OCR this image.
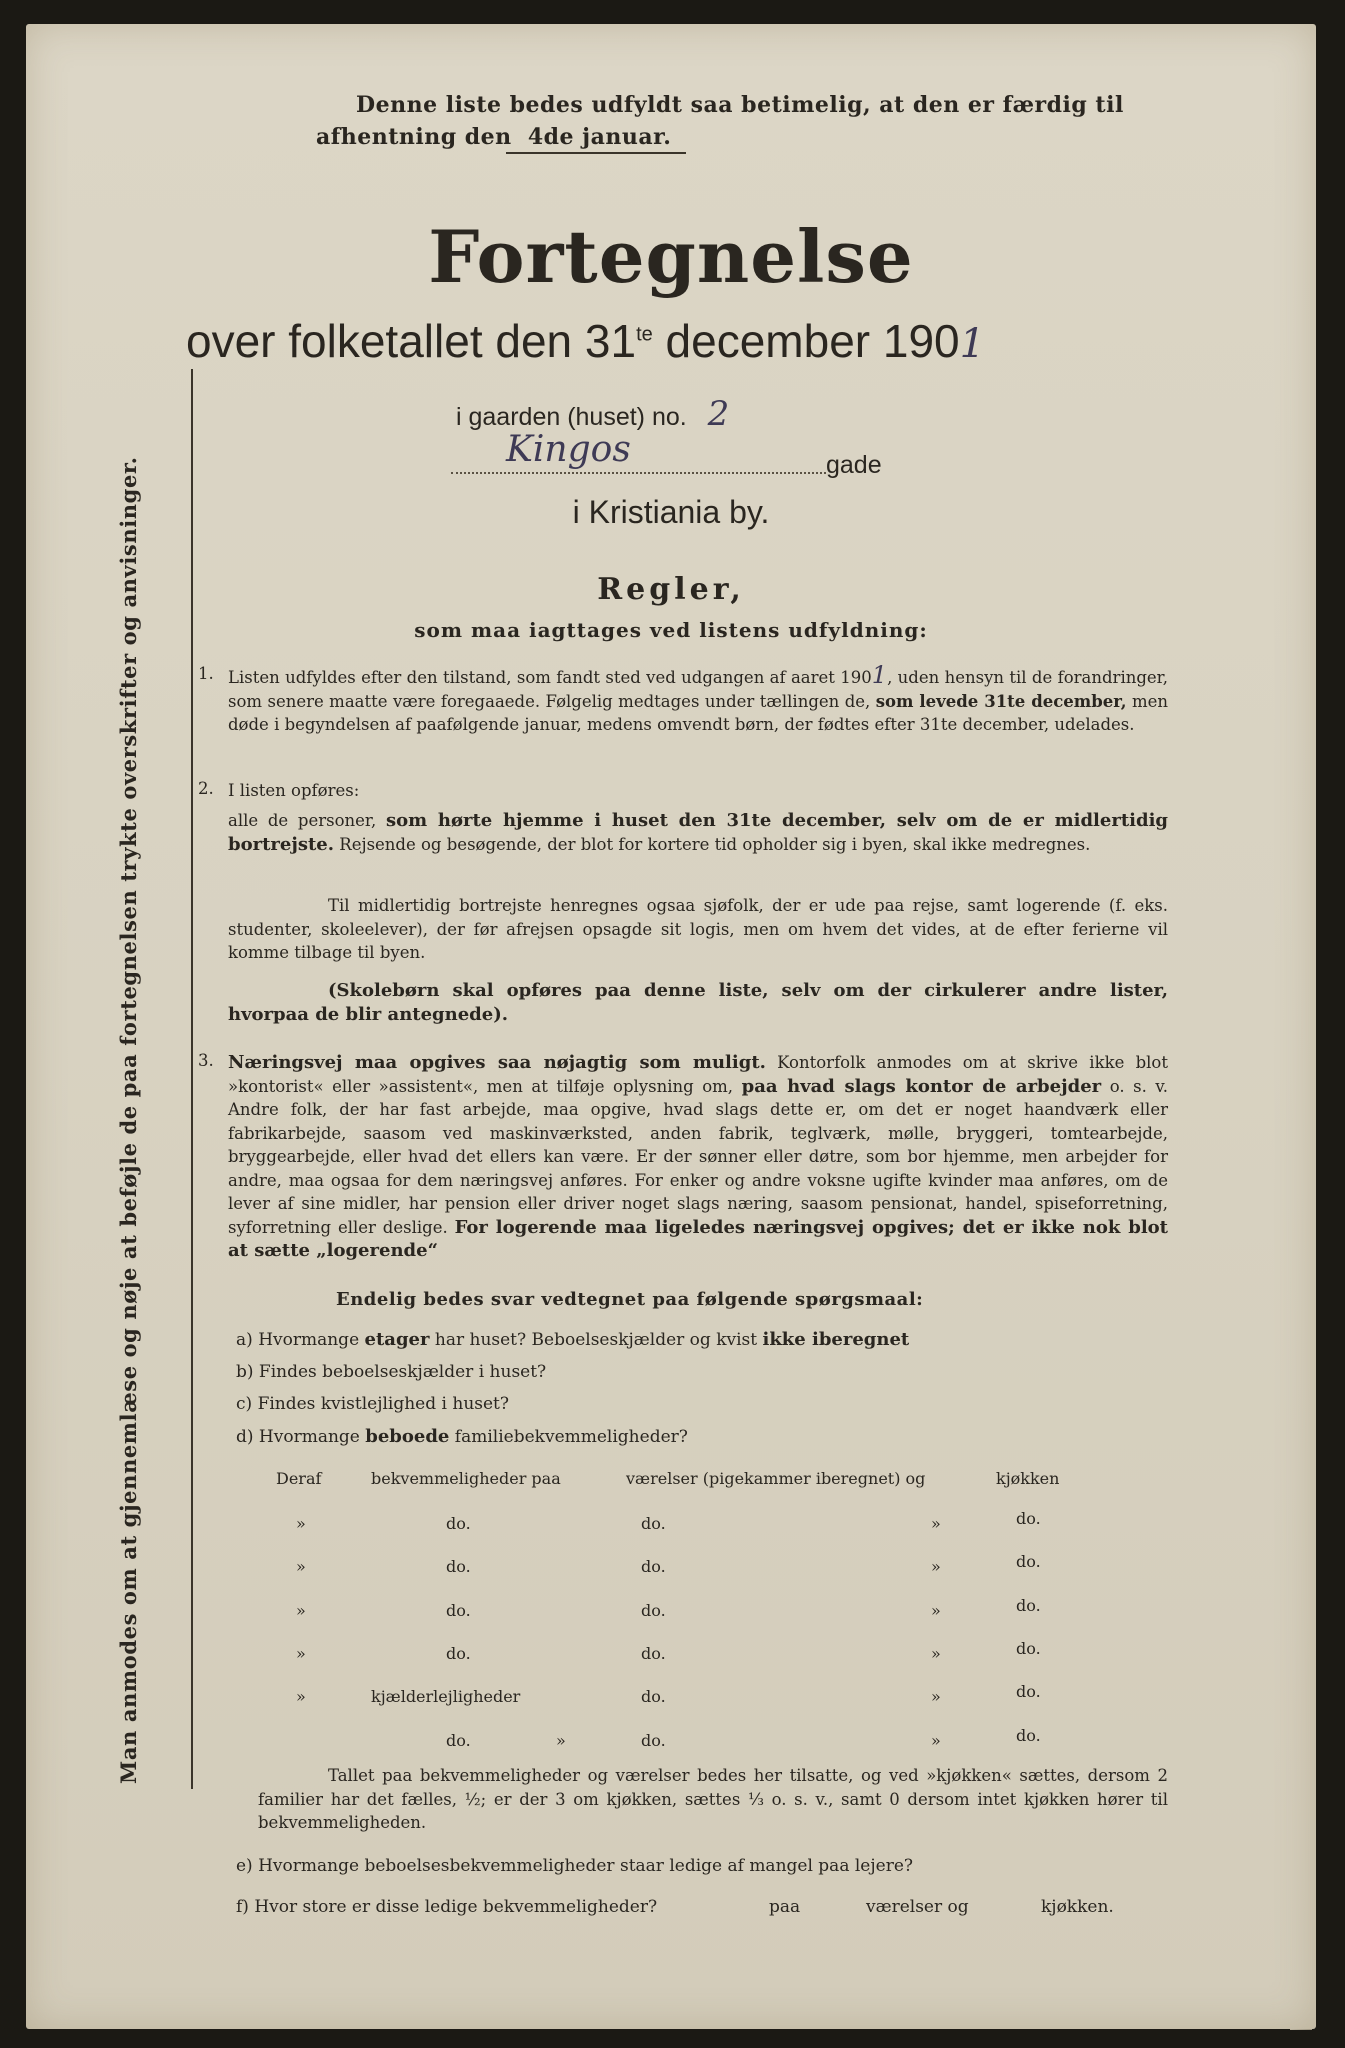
Denne liste bedes udfyldt saa betimelig, at den er færdig til
afhentning den 4de januar.
Fortegnelse
over folketallet den $31^{te}$ december 1901
i gaarden (huset) no. 2
Kingos	gade
i Kristiania by.
Regler,
som maa iagttages ved listens udfyldning:
1. Listen udfyldes efter den tilstand, som fandt sted ved udgangen af aaret 1901, uden hensyn til de forandringer, som senere maatte være foregaaede. Følgelig medtages under tællingen de, som levede 31te december, men døde i begyndelsen af paafølgende januar, medens omvendt børn, der fødtes efter 31te december, udelades.

2. I listen opføres:

alle de personer, som hørte hjemme i huset den 31te december, selv om de er midlertidig bortrejste. Rejsende og besøgende, der blot for kortere tid opholder sig i byen, skal ikke medregnes.

Til midlertidig bortrejste henregnes ogsaa sjøfolk, der er ude paa rejse, samt logerende (f. eks. studenter, skoleelever), der før afrejsen opsagde sit logis, men om hvem det vides, at de efter ferierne vil komme tilbage til byen.
(Skolebørn skal opføres paa denne liste, selv om der cirkulerer andre lister, hvorpaa de blir antegnede).
3. Næringsvej maa opgives saa nøjagtig som muligt. Kontorfolk anmodes om at skrive ikke blot »kontorist« eller »assistent«, men at tilføje oplysning om, paa hvad slags kontor de arbejder o. s. v. Andre folk, der har fast arbejde, maa opgive, hvad slags dette er, om det er noget haandværk eller fabrikarbejde, saasom ved maskinværksted, anden fabrik, teglværk, mølle, bryggeri, tomtearbejde, bryggearbejde, eller hvad det ellers kan være. Er der sønner eller døtre, som bor hjemme, men arbejder for andre, maa ogsaa for dem næringsvej anføres. For enker og andre voksne ugifte kvinder maa anføres, om de lever af sine midler, har pension eller driver noget slags næring, saasom pensionat, handel, spiseforretning, syforretning eller deslige. For logerende maa ligeledes næringsvej opgives; det er ikke nok blot at sætte „logerende“

Endelig bedes svar vedtegnet paa følgende spørgsmaal:
a) Hvormange etager har huset? Beboelseskjælder og kvist ikke iberegnet
b) Findes beboelseskjælder i huset?
c) Findes kvistlejlighed i huset?
d) Hvormange beboede familiebekvemmeligheder?
Deraf	bekvemmeligheder paa	værelser (pigekammer iberegnet) og	kjøkken
»	do.	do.	»	do.
»	do.	do.	»	do.
»	do.	do.	»	do.
»	do.	do.	»	do.
»	kjælderlejligheder	do.	»	do.
do.	»	do.	»	do.
Tallet paa bekvemmeligheder og værelser bedes her tilsatte, og ved »kjøkken« sættes, dersom 2 familier har det fælles, ½; er der 3 om kjøkken, sættes ⅓ o. s. v., samt 0 dersom intet kjøkken hører til bekvemmeligheden.
e) Hvormange beboelsesbekvemmeligheder staar ledige af mangel paa lejere?
f) Hvor store er disse ledige bekvemmeligheder?	paa	værelser og	kjøkken.
Man anmodes om at gjennemlæse og nøje at beføjle de paa fortegnelsen trykte overskrifter og anvisninger.
